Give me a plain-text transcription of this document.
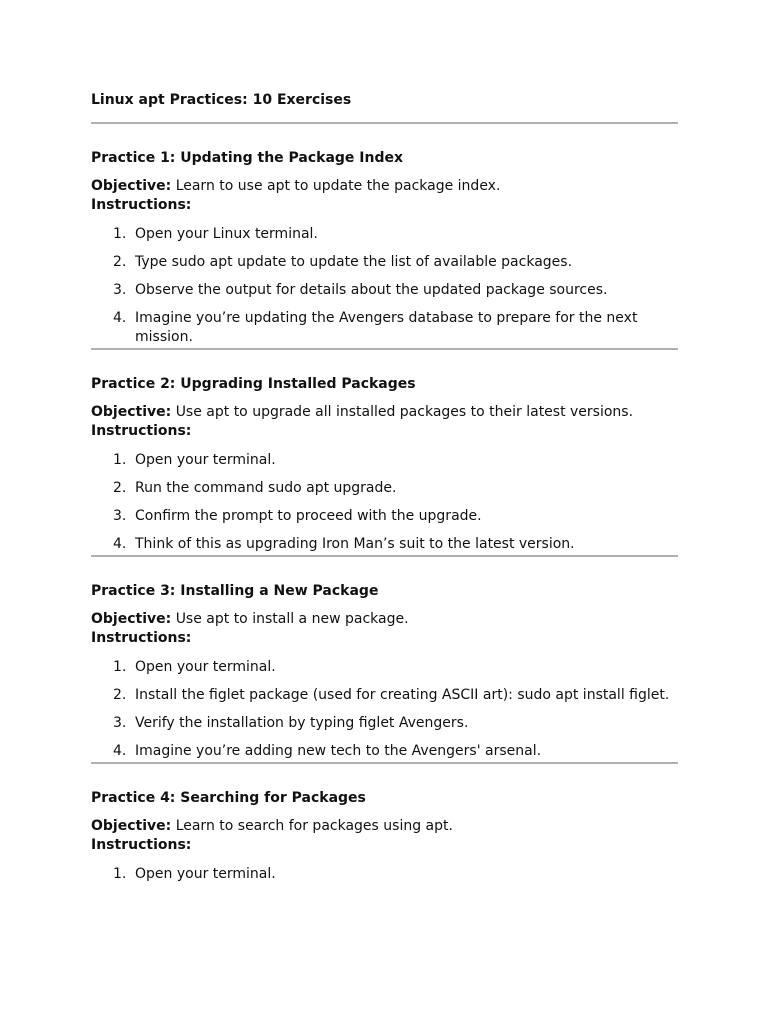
Linux apt Practices: 10 Exercises
Practice 1: Updating the Package Index
Objective: Learn to use apt to update the package index.
Instructions:
1. Open your Linux terminal.
2. Type sudo apt update to update the list of available packages.
3. Observe the output for details about the updated package sources.
4. Imagine you’re updating the Avengers database to prepare for the next mission.
Practice 2: Upgrading Installed Packages
Objective: Use apt to upgrade all installed packages to their latest versions.
Instructions:
1. Open your terminal.
2. Run the command sudo apt upgrade.
3. Confirm the prompt to proceed with the upgrade.
4. Think of this as upgrading Iron Man’s suit to the latest version.
Practice 3: Installing a New Package
Objective: Use apt to install a new package.
Instructions:
1. Open your terminal.
2. Install the figlet package (used for creating ASCII art): sudo apt install figlet.
3. Verify the installation by typing figlet Avengers.
4. Imagine you’re adding new tech to the Avengers' arsenal.
Practice 4: Searching for Packages
Objective: Learn to search for packages using apt.
Instructions:
1. Open your terminal.
